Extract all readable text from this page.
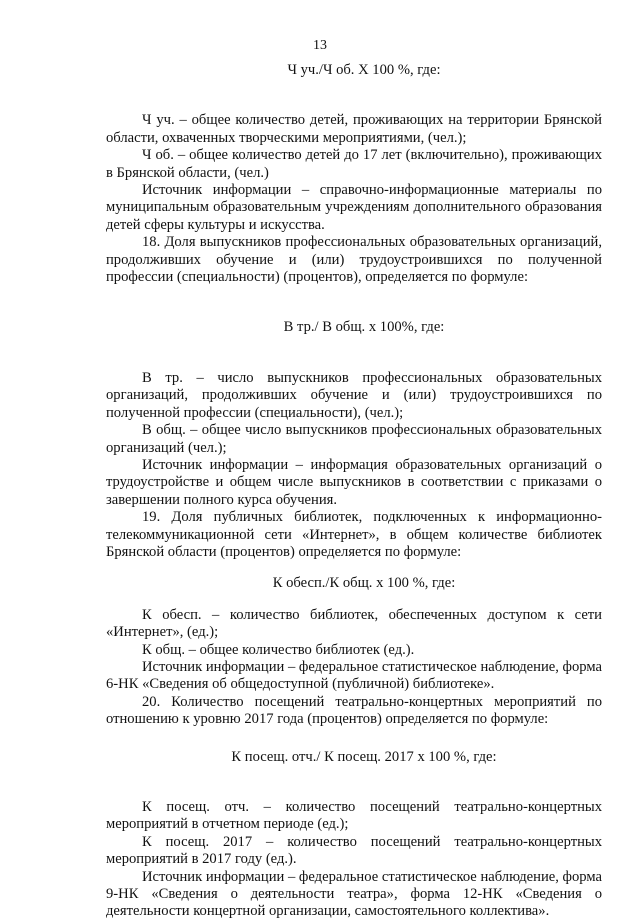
13
Ч уч./Ч об. Х 100 %, где:

Ч уч. – общее количество детей, проживающих на территории Брянской области, охваченных творческими мероприятиями, (чел.);

Ч об. – общее количество детей до 17 лет (включительно), проживающих в Брянской области, (чел.)

Источник информации – справочно-информационные материалы по муниципальным образовательным учреждениям дополнительного образования детей сферы культуры и искусства.

18. Доля выпускников профессиональных образовательных организаций, продолживших обучение и (или) трудоустроившихся по полученной профессии (специальности) (процентов), определяется по формуле:

В тр./ В общ. х 100%, где:

В тр. – число выпускников профессиональных образовательных организаций, продолживших обучение и (или) трудоустроившихся по полученной профессии (специальности), (чел.);

В общ. – общее число выпускников профессиональных образовательных организаций (чел.);

Источник информации – информация образовательных организаций о трудоустройстве и общем числе выпускников в соответствии с приказами о завершении полного курса обучения.

19. Доля публичных библиотек, подключенных к информационно-телекоммуникационной сети «Интернет», в общем количестве библиотек Брянской области (процентов) определяется по формуле:

К обесп./К общ. х 100 %, где:

К обесп. – количество библиотек, обеспеченных доступом к сети «Интернет», (ед.);

К общ. – общее количество библиотек (ед.).

Источник информации – федеральное статистическое наблюдение, форма 6-НК «Сведения об общедоступной (публичной) библиотеке».

20. Количество посещений театрально-концертных мероприятий по отношению к уровню 2017 года (процентов) определяется по формуле:

К посещ. отч./ К посещ. 2017 х 100 %, где:

К посещ. отч. – количество посещений театрально-концертных мероприятий в отчетном периоде (ед.);

К посещ. 2017 – количество посещений театрально-концертных мероприятий в 2017 году (ед.).

Источник информации – федеральное статистическое наблюдение, форма 9-НК «Сведения о деятельности театра», форма 12-НК «Сведения о деятельности концертной организации, самостоятельного коллектива».
